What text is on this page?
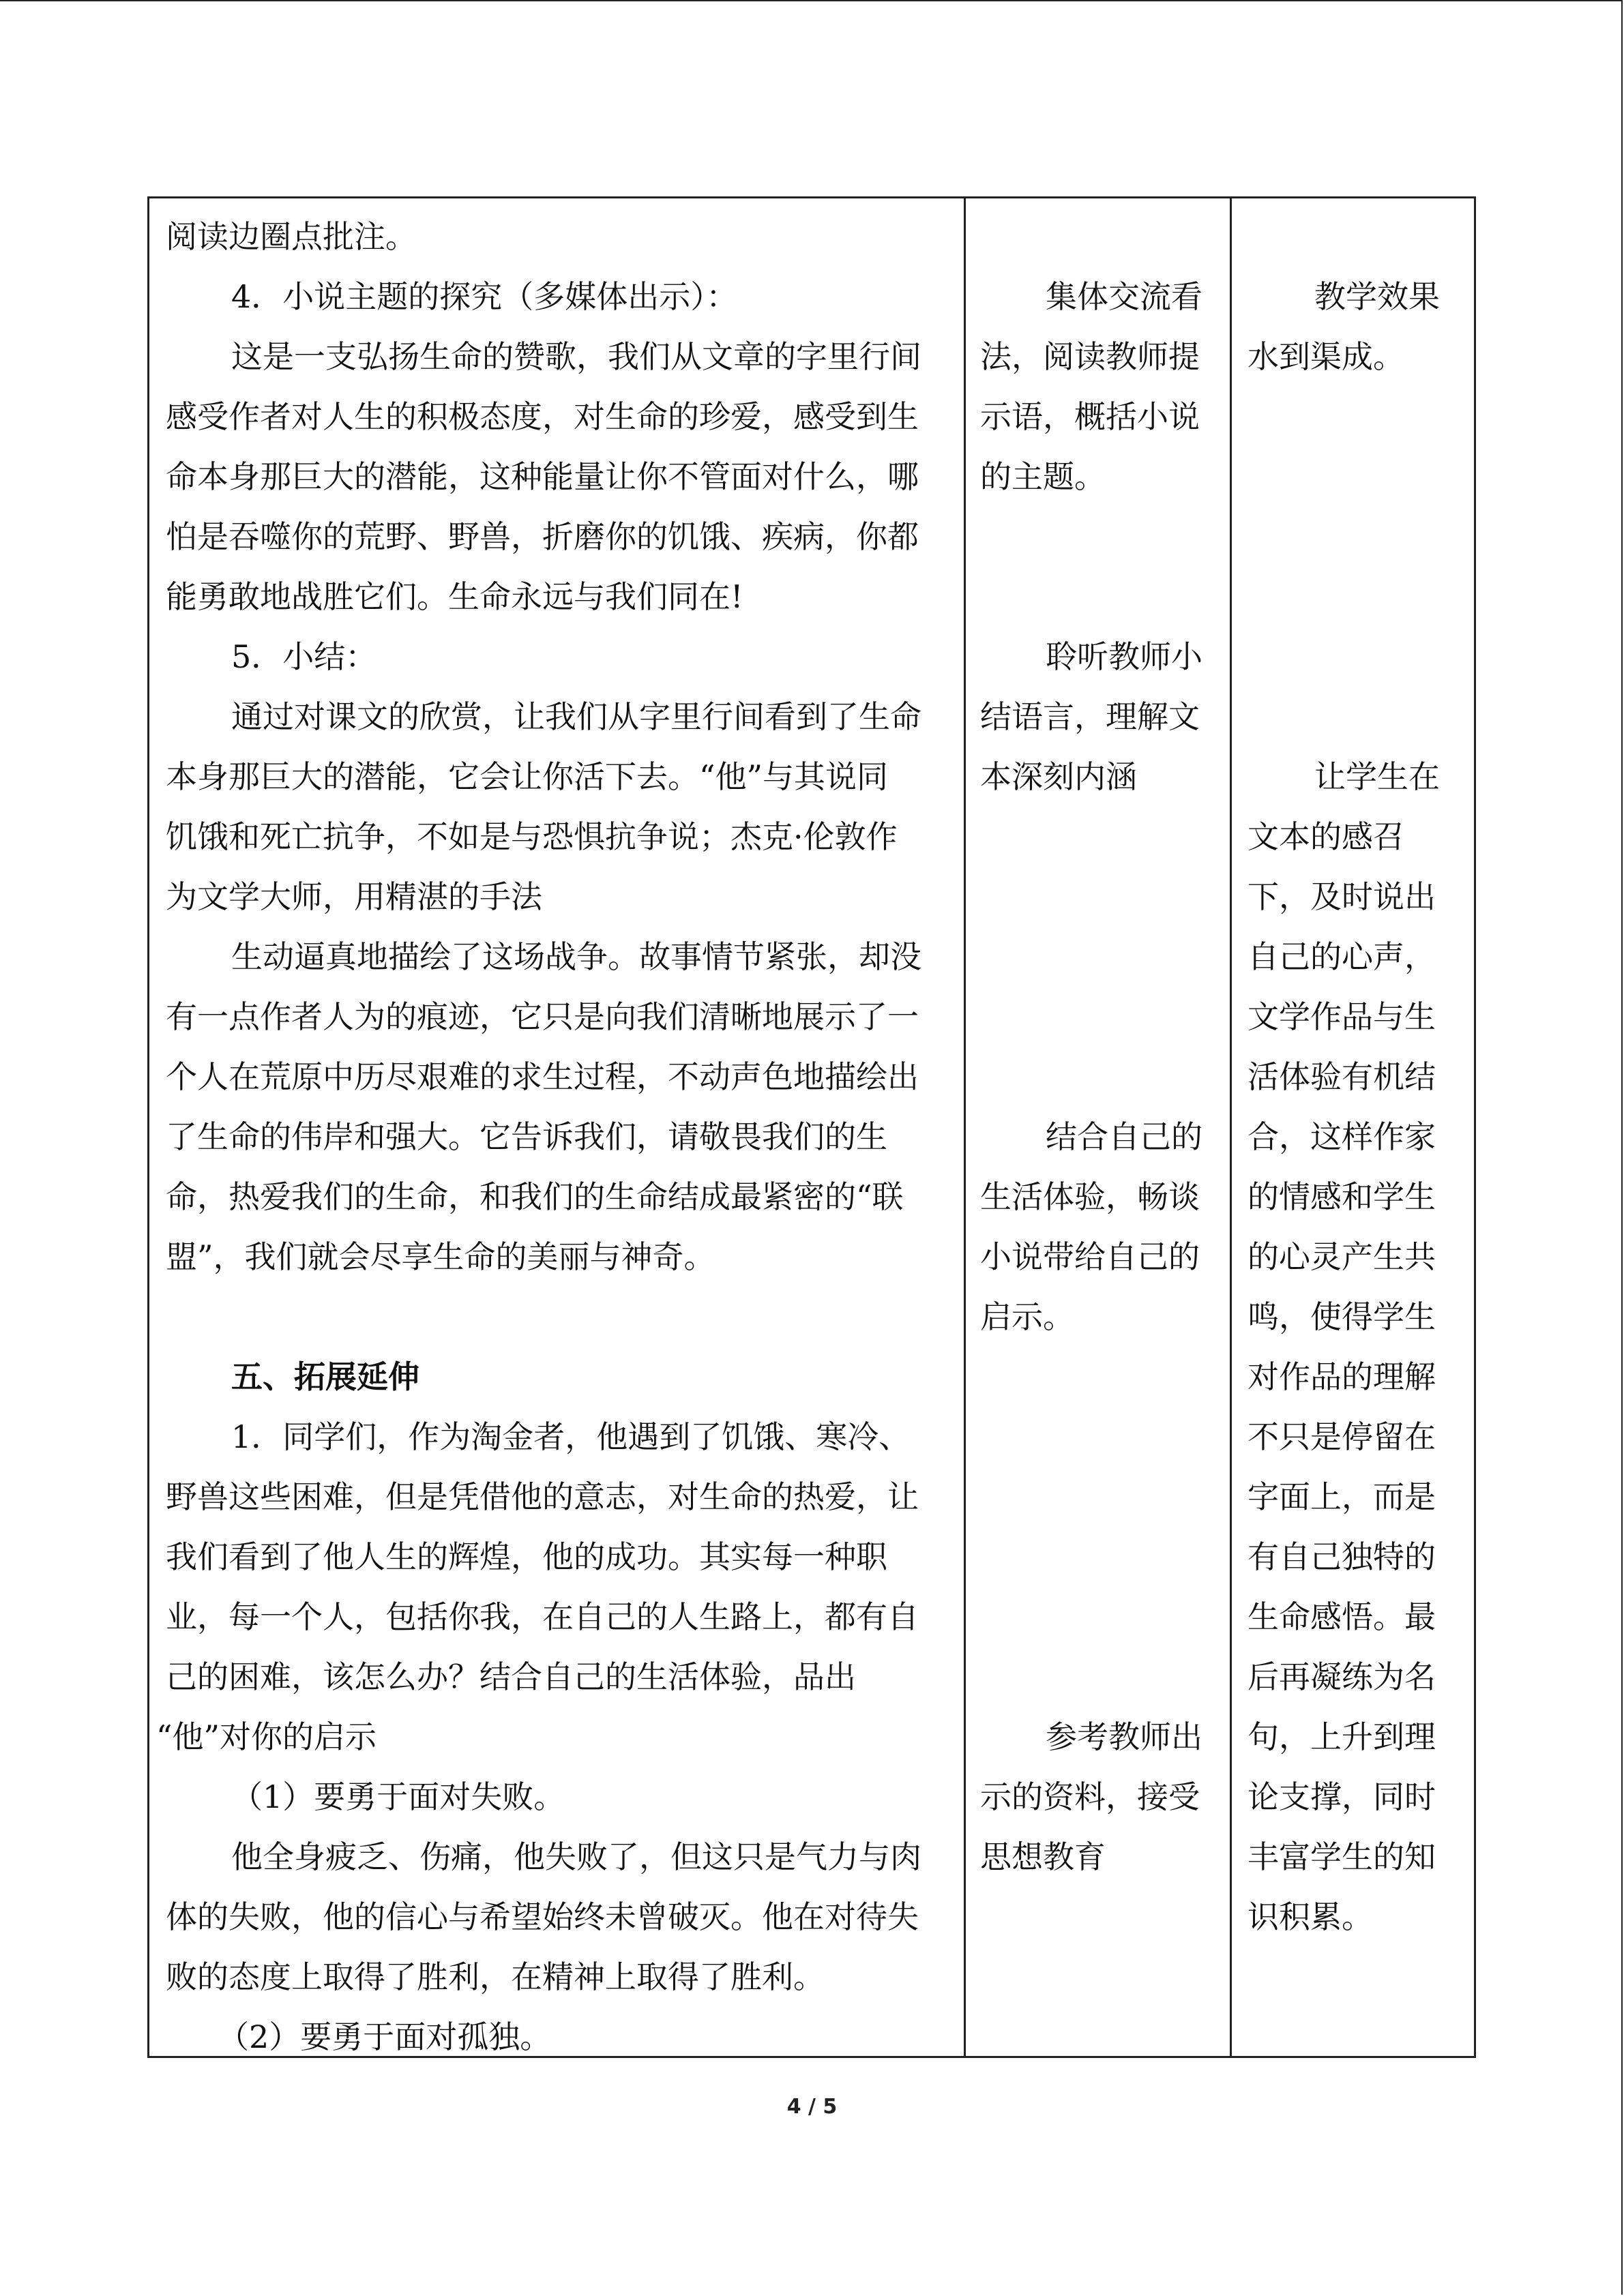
阅读边圈点批注。
4．小说主题的探究（多媒体出示）：
这是一支弘扬生命的赞歌，我们从文章的字里行间
感受作者对人生的积极态度，对生命的珍爱，感受到生
命本身那巨大的潜能，这种能量让你不管面对什么，哪
怕是吞噬你的荒野、野兽，折磨你的饥饿、疾病，你都
能勇敢地战胜它们。生命永远与我们同在!
5．小结：
通过对课文的欣赏，让我们从字里行间看到了生命
本身那巨大的潜能，它会让你活下去。“他”与其说同
饥饿和死亡抗争，不如是与恐惧抗争说；杰克·伦敦作
为文学大师，用精湛的手法
生动逼真地描绘了这场战争。故事情节紧张，却没
有一点作者人为的痕迹，它只是向我们清晰地展示了一
个人在荒原中历尽艰难的求生过程，不动声色地描绘出
了生命的伟岸和强大。它告诉我们，请敬畏我们的生
命，热爱我们的生命，和我们的生命结成最紧密的“联
盟”，我们就会尽享生命的美丽与神奇。
五、拓展延伸
1．同学们，作为淘金者，他遇到了饥饿、寒冷、
野兽这些困难，但是凭借他的意志，对生命的热爱，让
我们看到了他人生的辉煌，他的成功。其实每一种职
业，每一个人，包括你我，在自己的人生路上，都有自
己的困难，该怎么办？结合自己的生活体验，品出
“他”对你的启示
（1）要勇于面对失败。
他全身疲乏、伤痛，他失败了，但这只是气力与肉
体的失败，他的信心与希望始终未曾破灭。他在对待失
败的态度上取得了胜利，在精神上取得了胜利。
（2）要勇于面对孤独。
集体交流看
法，阅读教师提
示语，概括小说
的主题。
聆听教师小
结语言，理解文
本深刻内涵
结合自己的
生活体验，畅谈
小说带给自己的
启示。
参考教师出
示的资料，接受
思想教育
教学效果
水到渠成。
让学生在
文本的感召
下，及时说出
自己的心声，
文学作品与生
活体验有机结
合，这样作家
的情感和学生
的心灵产生共
鸣，使得学生
对作品的理解
不只是停留在
字面上，而是
有自己独特的
生命感悟。最
后再凝练为名
句，上升到理
论支撑，同时
丰富学生的知
识积累。
4 / 5
